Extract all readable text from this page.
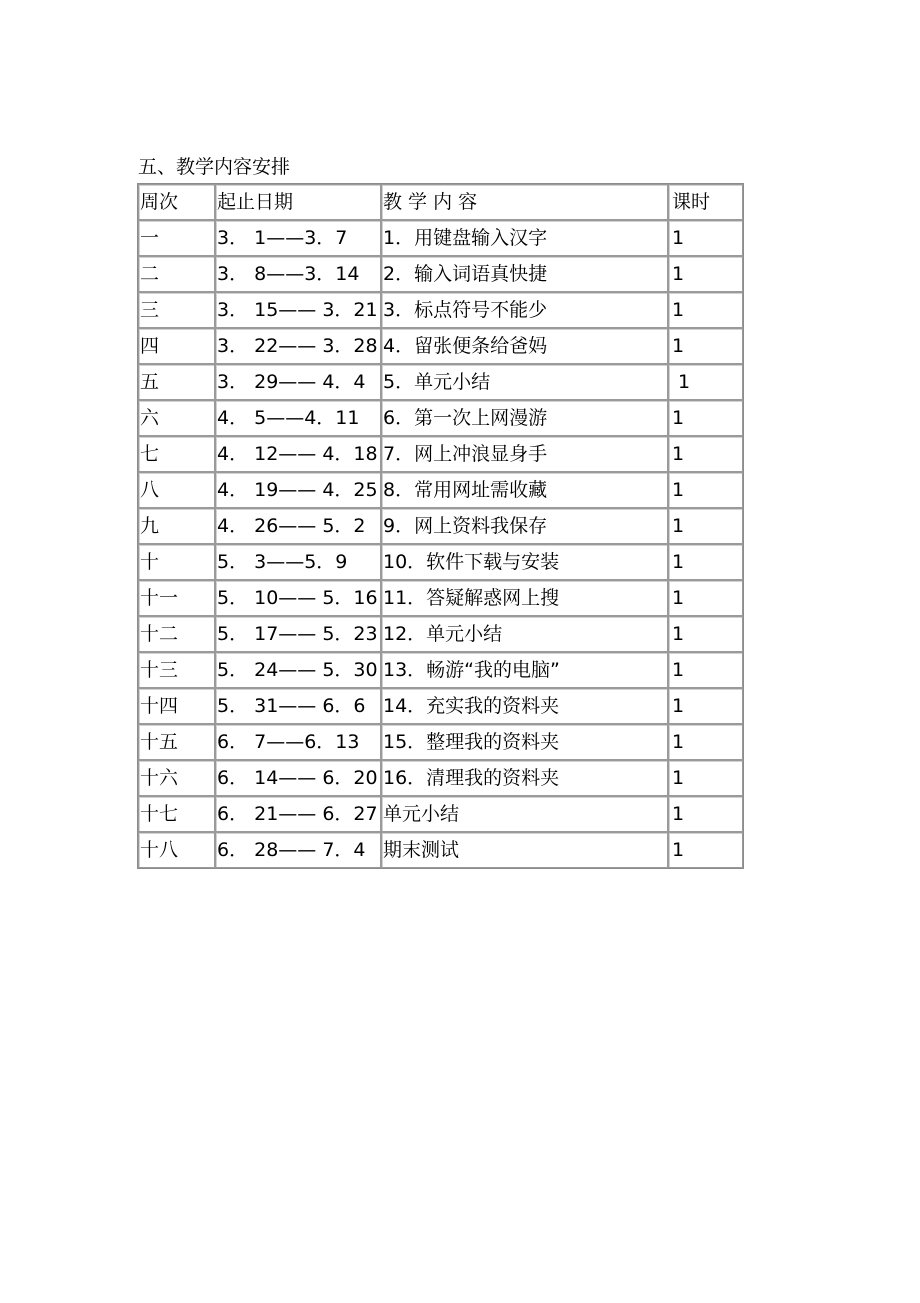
五、教学内容安排
周次	起止日期	教 学 内 容	课时
一	3． 1——3．7	1．用键盘输入汉字	1
二	3． 8——3．14	2．输入词语真快捷	1
三	3． 15—— 3．21	3．标点符号不能少	1
四	3． 22—— 3．28	4．留张便条给爸妈	1
五	3． 29—— 4．4	5．单元小结	1
六	4． 5——4．11	6．第一次上网漫游	1
七	4． 12—— 4．18	7．网上冲浪显身手	1
八	4． 19—— 4．25	8．常用网址需收藏	1
九	4． 26—— 5．2	9．网上资料我保存	1
十	5． 3——5．9	10．软件下载与安装	1
十一	5． 10—— 5．16	11．答疑解惑网上搜	1
十二	5． 17—— 5．23	12．单元小结	1
十三	5． 24—— 5．30	13．畅游“我的电脑”	1
十四	5． 31—— 6．6	14．充实我的资料夹	1
十五	6． 7——6．13	15．整理我的资料夹	1
十六	6． 14—— 6．20	16．清理我的资料夹	1
十七	6． 21—— 6．27	单元小结	1
十八	6． 28—— 7．4	期末测试	1
